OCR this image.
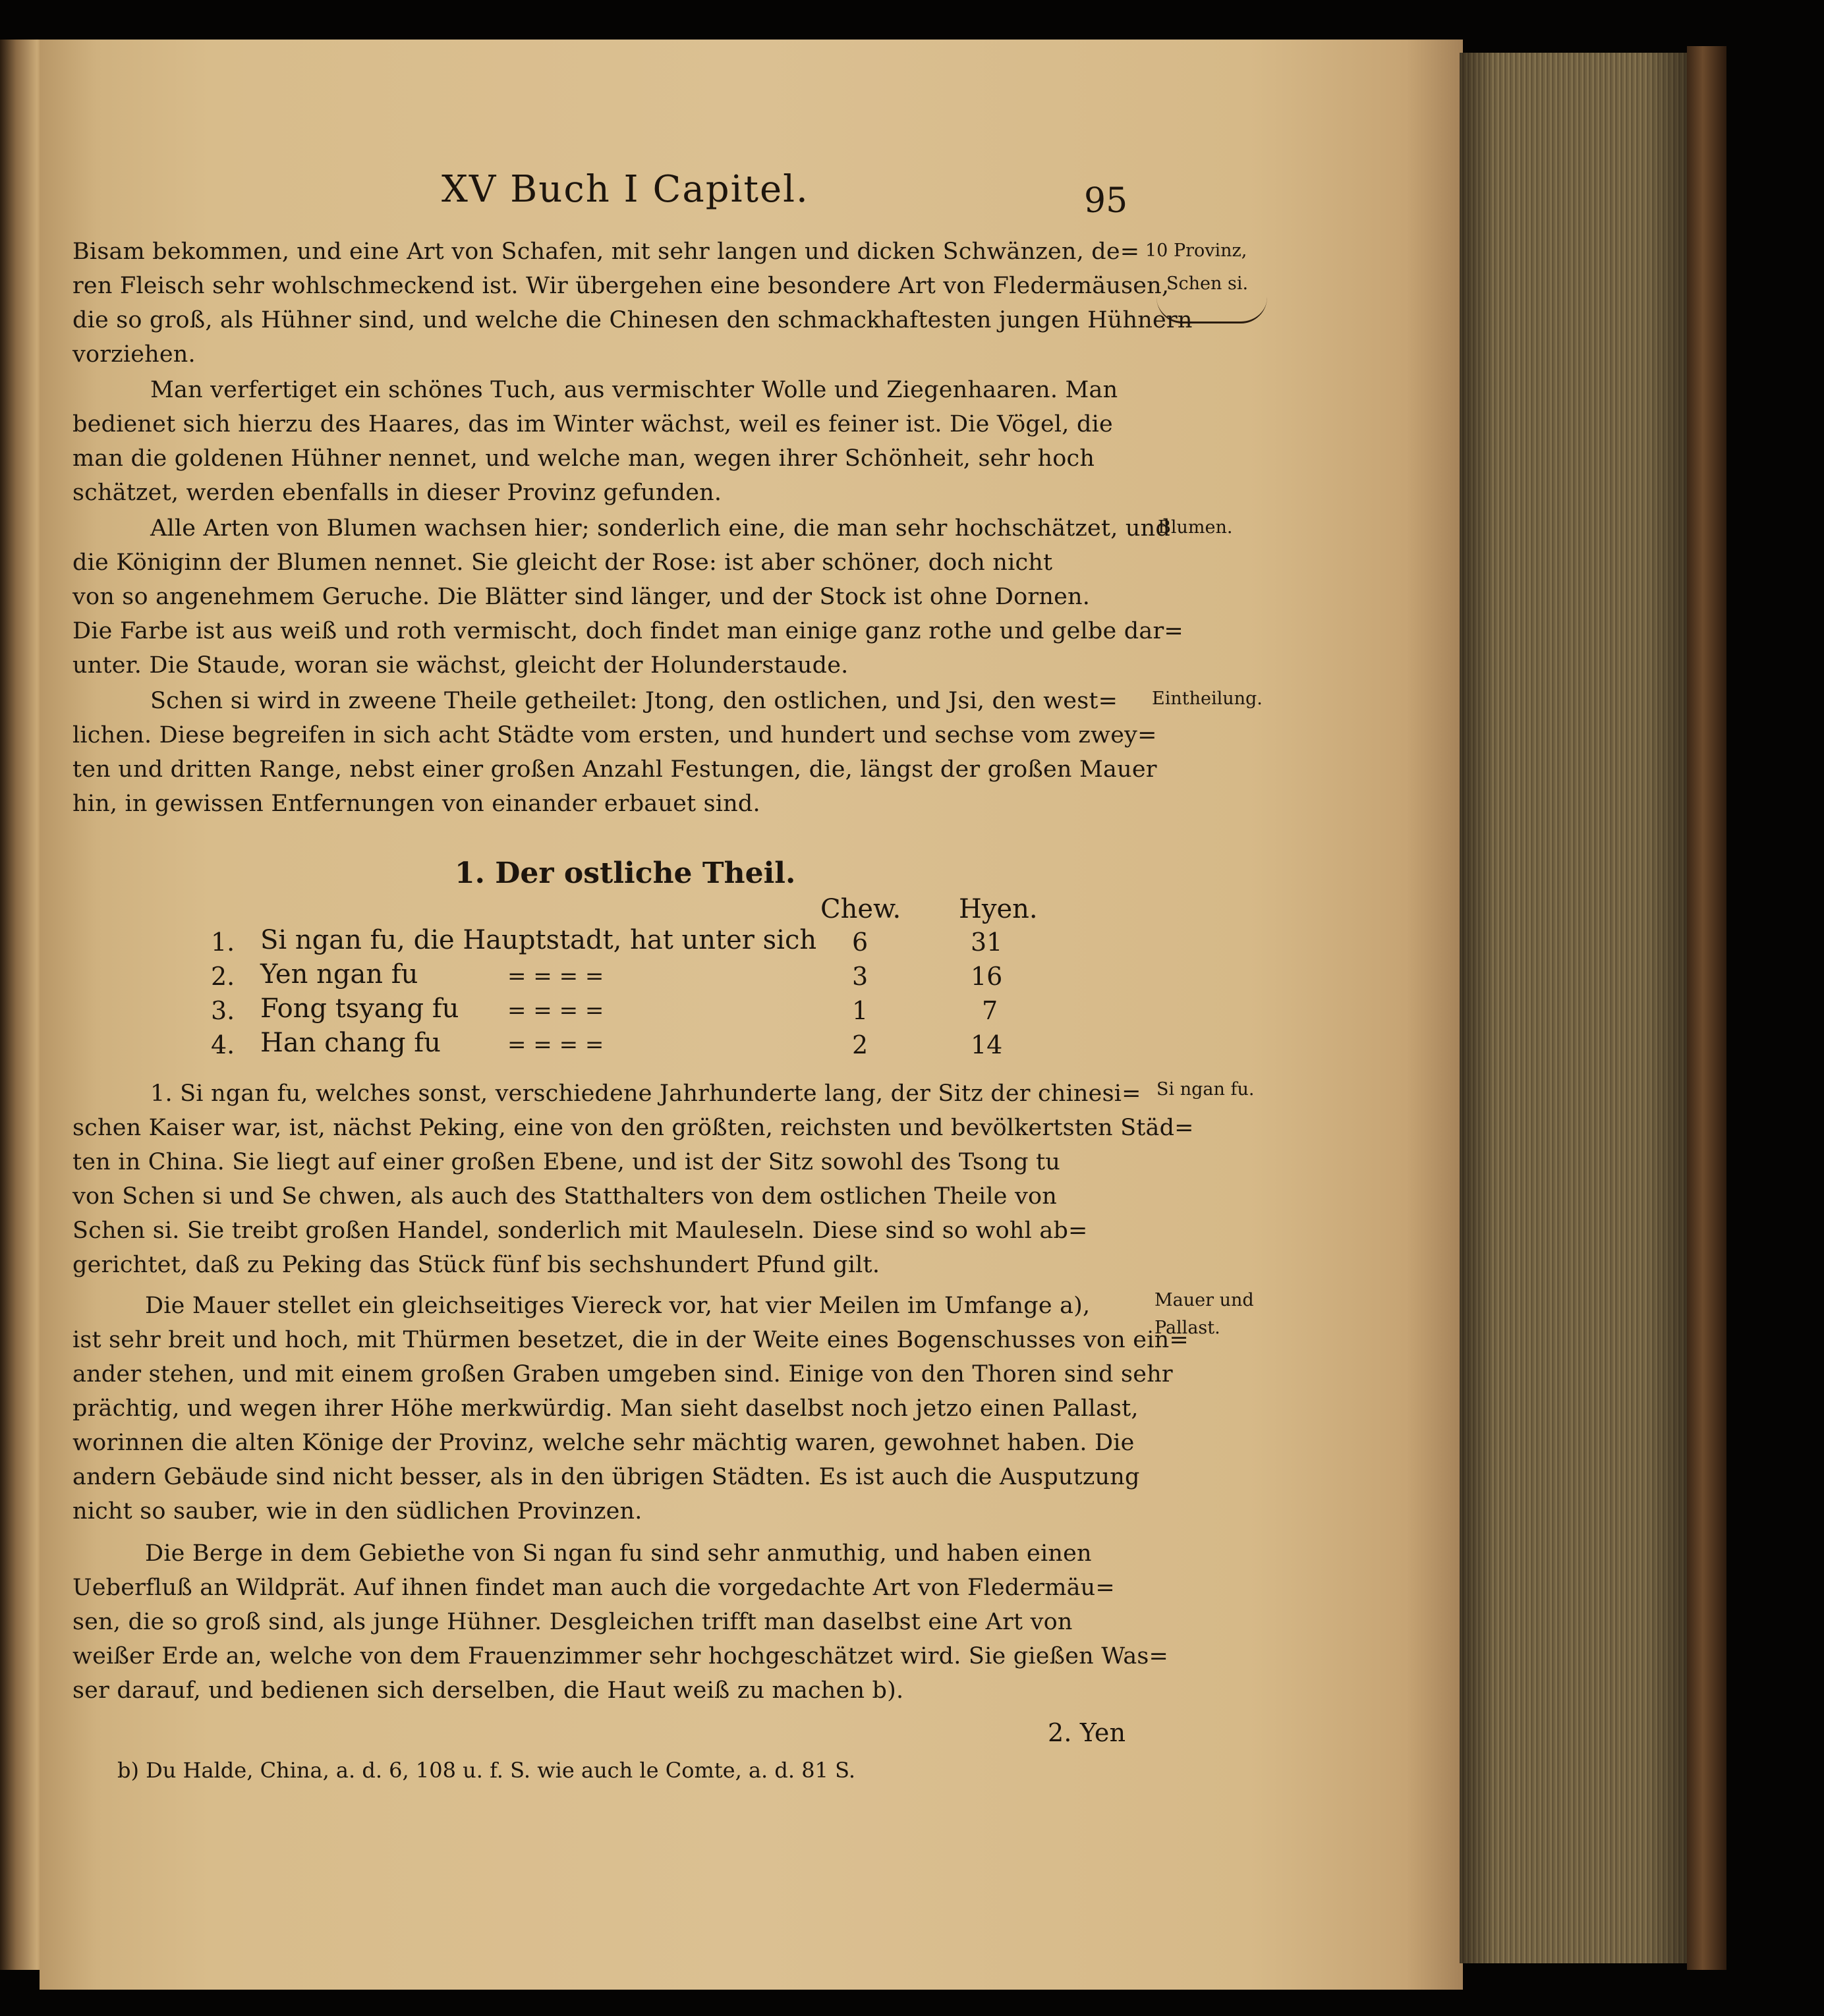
XV Buch I Capitel.	95
10 Provinz,
Schen si.
Blumen.
Eintheilung.
Si ngan fu.
Mauer und
Pallast.
Bisam bekommen, und eine Art von Schafen, mit sehr langen und dicken Schwänzen, de=
ren Fleisch sehr wohlschmeckend ist. Wir übergehen eine besondere Art von Fledermäusen,
die so groß, als Hühner sind, und welche die Chinesen den schmackhaftesten jungen Hühnern
vorziehen.
Man verfertiget ein schönes Tuch, aus vermischter Wolle und Ziegenhaaren. Man
bedienet sich hierzu des Haares, das im Winter wächst, weil es feiner ist. Die Vögel, die
man die goldenen Hühner nennet, und welche man, wegen ihrer Schönheit, sehr hoch
schätzet, werden ebenfalls in dieser Provinz gefunden.
Alle Arten von Blumen wachsen hier; sonderlich eine, die man sehr hochschätzet, und
die Königinn der Blumen nennet. Sie gleicht der Rose: ist aber schöner, doch nicht
von so angenehmem Geruche. Die Blätter sind länger, und der Stock ist ohne Dornen.
Die Farbe ist aus weiß und roth vermischt, doch findet man einige ganz rothe und gelbe dar=
unter. Die Staude, woran sie wächst, gleicht der Holunderstaude.
Schen si wird in zweene Theile getheilet: Jtong, den ostlichen, und Jsi, den west=
lichen. Diese begreifen in sich acht Städte vom ersten, und hundert und sechse vom zwey=
ten und dritten Range, nebst einer großen Anzahl Festungen, die, längst der großen Mauer
hin, in gewissen Entfernungen von einander erbauet sind.
1. Der ostliche Theil.
Chew. Hyen.
1. Si ngan fu, die Hauptstadt, hat unter sich 6	31
2. Yen ngan fu	= = = =	3	16
3. Fong tsyang fu = = = =	1	7
4. Han chang fu	= = = =	2	14
1. Si ngan fu, welches sonst, verschiedene Jahrhunderte lang, der Sitz der chinesi=
schen Kaiser war, ist, nächst Peking, eine von den größten, reichsten und bevölkertsten Städ=
ten in China. Sie liegt auf einer großen Ebene, und ist der Sitz sowohl des Tsong tu
von Schen si und Se chwen, als auch des Statthalters von dem ostlichen Theile von
Schen si. Sie treibt großen Handel, sonderlich mit Mauleseln. Diese sind so wohl ab=
gerichtet, daß zu Peking das Stück fünf bis sechshundert Pfund gilt.
Die Mauer stellet ein gleichseitiges Viereck vor, hat vier Meilen im Umfange a),
ist sehr breit und hoch, mit Thürmen besetzet, die in der Weite eines Bogenschusses von ein=
ander stehen, und mit einem großen Graben umgeben sind. Einige von den Thoren sind sehr
prächtig, und wegen ihrer Höhe merkwürdig. Man sieht daselbst noch jetzo einen Pallast,
worinnen die alten Könige der Provinz, welche sehr mächtig waren, gewohnet haben. Die
andern Gebäude sind nicht besser, als in den übrigen Städten. Es ist auch die Ausputzung
nicht so sauber, wie in den südlichen Provinzen.
Die Berge in dem Gebiethe von Si ngan fu sind sehr anmuthig, und haben einen
Ueberfluß an Wildprät. Auf ihnen findet man auch die vorgedachte Art von Fledermäu=
sen, die so groß sind, als junge Hühner. Desgleichen trifft man daselbst eine Art von
weißer Erde an, welche von dem Frauenzimmer sehr hochgeschätzet wird. Sie gießen Was=
ser darauf, und bedienen sich derselben, die Haut weiß zu machen b).
2. Yen
b) Du Halde, China, a. d. 6, 108 u. f. S. wie auch le Comte, a. d. 81 S.
